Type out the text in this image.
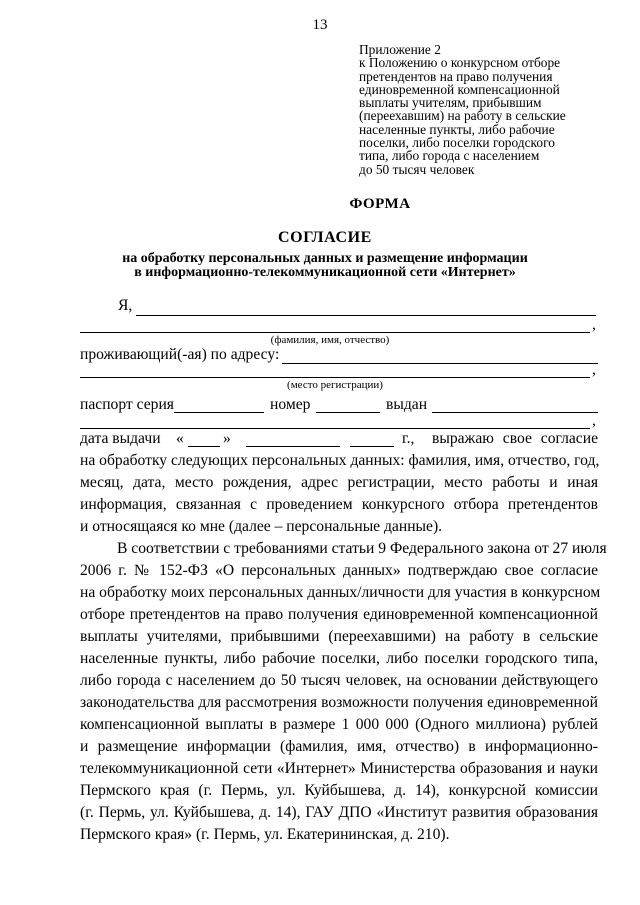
13
Приложение 2
к Положению о конкурсном отборе
претендентов на право получения
единовременной компенсационной
выплаты учителям, прибывшим
(переехавшим) на работу в сельские
населенные пункты, либо рабочие
поселки, либо поселки городского
типа, либо города с населением
до 50 тысяч человек
ФОРМА
СОГЛАСИЕ
на обработку персональных данных и размещение информации
в информационно-телекоммуникационной сети «Интернет»
Я,
,
(фамилия, имя, отчество)
проживающий(-ая) по адресу:
,
(место регистрации)
паспорт серия	номер	выдан
,
дата выдачи «	»	г., выражаю свое согласие
на обработку следующих персональных данных: фамилия, имя, отчество, год,
месяц, дата, место рождения, адрес регистрации, место работы и иная
информация, связанная с проведением конкурсного отбора претендентов
и относящаяся ко мне (далее – персональные данные).
В соответствии с требованиями статьи 9 Федерального закона от 27 июля
2006 г. № 152-ФЗ «О персональных данных» подтверждаю свое согласие
на обработку моих персональных данных/личности для участия в конкурсном
отборе претендентов на право получения единовременной компенсационной
выплаты учителями, прибывшими (переехавшими) на работу в сельские
населенные пункты, либо рабочие поселки, либо поселки городского типа,
либо города с населением до 50 тысяч человек, на основании действующего
законодательства для рассмотрения возможности получения единовременной
компенсационной выплаты в размере 1 000 000 (Одного миллиона) рублей
и размещение информации (фамилия, имя, отчество) в информационно-
телекоммуникационной сети «Интернет» Министерства образования и науки
Пермского края (г. Пермь, ул. Куйбышева, д. 14), конкурсной комиссии
(г. Пермь, ул. Куйбышева, д. 14), ГАУ ДПО «Институт развития образования
Пермского края» (г. Пермь, ул. Екатерининская, д. 210).
